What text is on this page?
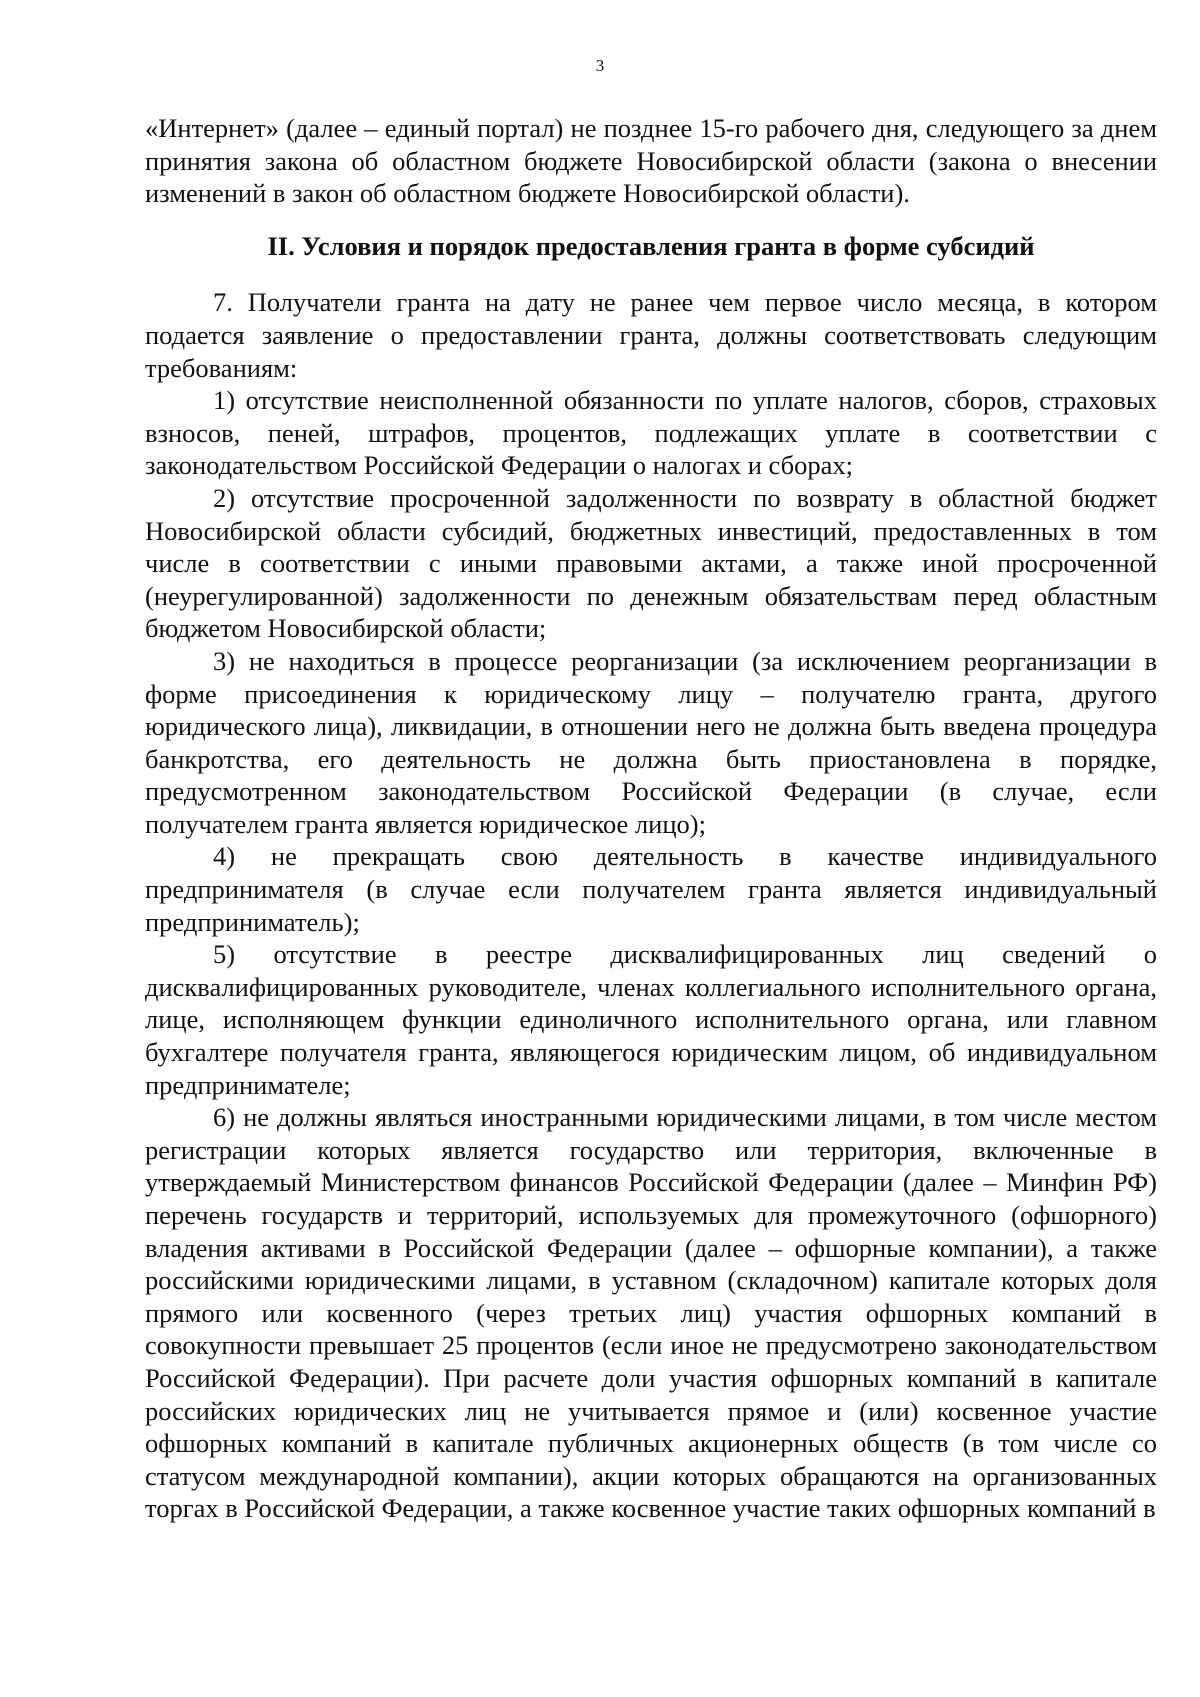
3

«Интернет» (далее – единый портал) не позднее 15-го рабочего дня, следующего за днем принятия закона об областном бюджете Новосибирской области (закона о внесении изменений в закон об областном бюджете Новосибирской области).

II. Условия и порядок предоставления гранта в форме субсидий

7. Получатели гранта на дату не ранее чем первое число месяца, в котором подается заявление о предоставлении гранта, должны соответствовать следующим требованиям:

1) отсутствие неисполненной обязанности по уплате налогов, сборов, страховых взносов, пеней, штрафов, процентов, подлежащих уплате в соответствии с законодательством Российской Федерации о налогах и сборах;

2) отсутствие просроченной задолженности по возврату в областной бюджет Новосибирской области субсидий, бюджетных инвестиций, предоставленных в том числе в соответствии с иными правовыми актами, а также иной просроченной (неурегулированной) задолженности по денежным обязательствам перед областным бюджетом Новосибирской области;

3) не находиться в процессе реорганизации (за исключением реорганизации в форме присоединения к юридическому лицу – получателю гранта, другого юридического лица), ликвидации, в отношении него не должна быть введена процедура банкротства, его деятельность не должна быть приостановлена в порядке, предусмотренном законодательством Российской Федерации (в случае, если получателем гранта является юридическое лицо);

4) не прекращать свою деятельность в качестве индивидуального предпринимателя (в случае если получателем гранта является индивидуальный предприниматель);

5) отсутствие в реестре дисквалифицированных лиц сведений о дисквалифицированных руководителе, членах коллегиального исполнительного органа, лице, исполняющем функции единоличного исполнительного органа, или главном бухгалтере получателя гранта, являющегося юридическим лицом, об индивидуальном предпринимателе;

6) не должны являться иностранными юридическими лицами, в том числе местом регистрации которых является государство или территория, включенные в утверждаемый Министерством финансов Российской Федерации (далее – Минфин РФ) перечень государств и территорий, используемых для промежуточного (офшорного) владения активами в Российской Федерации (далее – офшорные компании), а также российскими юридическими лицами, в уставном (складочном) капитале которых доля прямого или косвенного (через третьих лиц) участия офшорных компаний в совокупности превышает 25 процентов (если иное не предусмотрено законодательством Российской Федерации). При расчете доли участия офшорных компаний в капитале российских юридических лиц не учитывается прямое и (или) косвенное участие офшорных компаний в капитале публичных акционерных обществ (в том числе со статусом международной компании), акции которых обращаются на организованных торгах в Российской Федерации, а также косвенное участие таких офшорных компаний в
